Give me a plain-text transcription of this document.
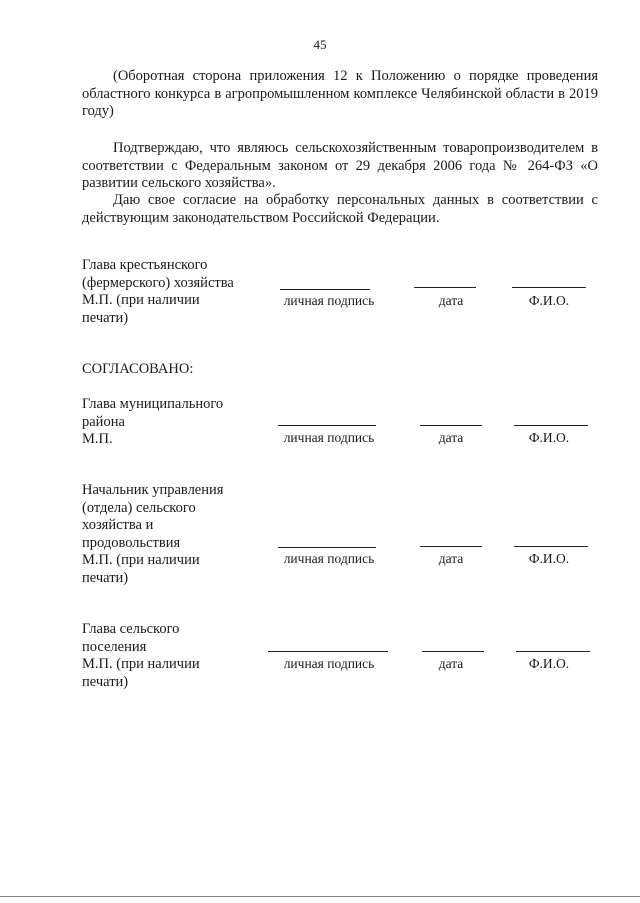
45

(Оборотная сторона приложения 12 к Положению о порядке проведения областного конкурса в агропромышленном комплексе Челябинской области в 2019 году)

Подтверждаю, что являюсь сельскохозяйственным товаропроизводителем в соответствии с Федеральным законом от 29 декабря 2006 года № 264-ФЗ «О развитии сельского хозяйства».

Даю свое согласие на обработку персональных данных в соответствии с действующим законодательством Российской Федерации.

Глава крестьянского
(фермерского) хозяйства
М.П. (при наличии
печати)
личная подпись	дата	Ф.И.О.
СОГЛАСОВАНО:
Глава муниципального
района
М.П.	личная подпись	дата	Ф.И.О.
Начальник управления
(отдела) сельского
хозяйства и
продовольствия
М.П. (при наличии
печати)
личная подпись	дата	Ф.И.О.
Глава сельского
поселения
М.П. (при наличии
печати)
личная подпись	дата	Ф.И.О.
